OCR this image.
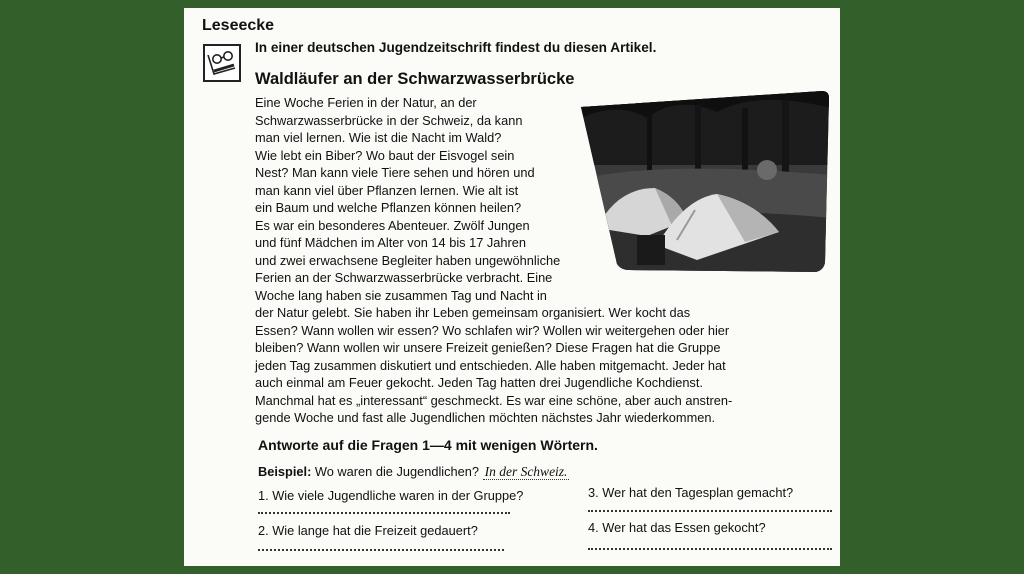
Leseecke
In einer deutschen Jugendzeitschrift findest du diesen Artikel.
Waldläufer an der Schwarzwasserbrücke
Eine Woche Ferien in der Natur, an der
Schwarzwasserbrücke in der Schweiz, da kann
man viel lernen. Wie ist die Nacht im Wald?
Wie lebt ein Biber? Wo baut der Eisvogel sein
Nest? Man kann viele Tiere sehen und hören und
man kann viel über Pflanzen lernen. Wie alt ist
ein Baum und welche Pflanzen können heilen?
Es war ein besonderes Abenteuer. Zwölf Jungen
und fünf Mädchen im Alter von 14 bis 17 Jahren
und zwei erwachsene Begleiter haben ungewöhnliche
Ferien an der Schwarzwasserbrücke verbracht. Eine
Woche lang haben sie zusammen Tag und Nacht in
der Natur gelebt. Sie haben ihr Leben gemeinsam organisiert. Wer kocht das
Essen? Wann wollen wir essen? Wo schlafen wir? Wollen wir weitergehen oder hier
bleiben? Wann wollen wir unsere Freizeit genießen? Diese Fragen hat die Gruppe
jeden Tag zusammen diskutiert und entschieden. Alle haben mitgemacht. Jeder hat
auch einmal am Feuer gekocht. Jeden Tag hatten drei Jugendliche Kochdienst.
Manchmal hat es „interessant“ geschmeckt. Es war eine schöne, aber auch anstren-
gende Woche und fast alle Jugendlichen möchten nächstes Jahr wiederkommen.
Antworte auf die Fragen 1—4 mit wenigen Wörtern.
Beispiel: Wo waren die Jugendlichen? In der Schweiz.
1. Wie viele Jugendliche waren in der Gruppe?
2. Wie lange hat die Freizeit gedauert?
3. Wer hat den Tagesplan gemacht?
4. Wer hat das Essen gekocht?
